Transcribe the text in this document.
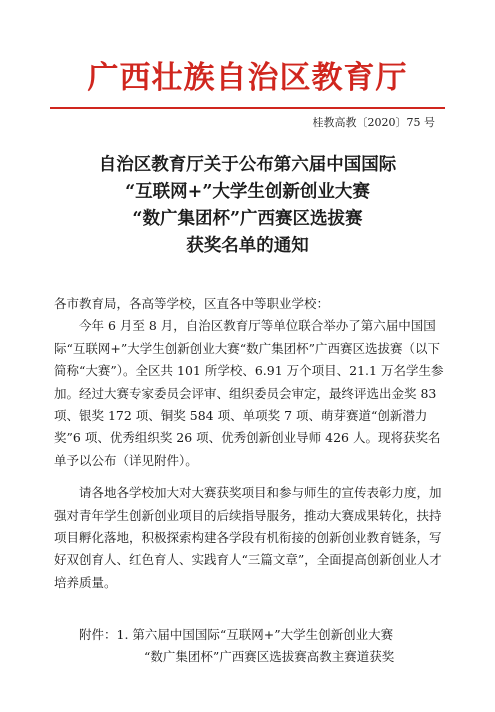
广西壮族自治区教育厅
桂教高教〔2020〕75 号
自治区教育厅关于公布第六届中国国际
“互联网+”大学生创新创业大赛
“数广集团杯”广西赛区选拔赛
获奖名单的通知

各市教育局，各高等学校，区直各中等职业学校：

今年 6 月至 8 月，自治区教育厅等单位联合举办了第六届中国国际“互联网+”大学生创新创业大赛“数广集团杯”广西赛区选拔赛（以下简称“大赛”）。全区共 101 所学校、6.91 万个项目、21.1 万名学生参加。经过大赛专家委员会评审、组织委员会审定，最终评选出金奖 83 项、银奖 172 项、铜奖 584 项、单项奖 7 项、萌芽赛道“创新潜力奖”6 项、优秀组织奖 26 项、优秀创新创业导师 426 人。现将获奖名单予以公布（详见附件）。

请各地各学校加大对大赛获奖项目和参与师生的宣传表彰力度，加强对青年学生创新创业项目的后续指导服务，推动大赛成果转化，扶持项目孵化落地，积极探索构建各学段有机衔接的创新创业教育链条，写好双创育人、红色育人、实践育人“三篇文章”，全面提高创新创业人才培养质量。

附件：1. 第六届中国国际“互联网+”大学生创新创业大赛
“数广集团杯”广西赛区选拔赛高教主赛道获奖
